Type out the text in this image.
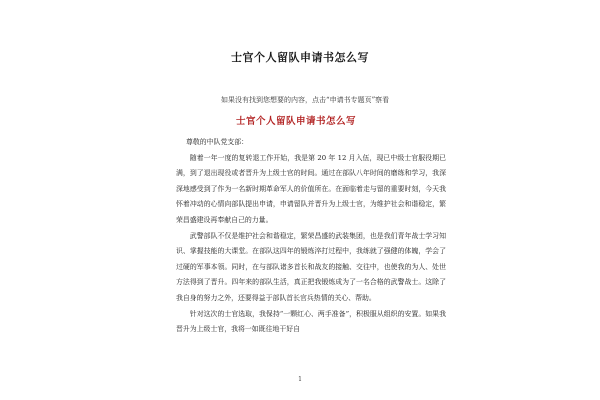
士官个人留队申请书怎么写
如果没有找到您想要的内容，点击“申请书专题页”察看
士官个人留队申请书怎么写

尊敬的中队党支部：

随着一年一度的复转退工作开始，我是第 20 年 12 月入伍，现已中级士官服役期已满，到了退出现役或者晋升为上级士官的时间。通过在部队八年时间的磨练和学习，我深深地感受到了作为一名新时期革命军人的价值所在。在面临着走与留的重要时刻，今天我怀着冲动的心情向部队提出申请，申请留队并晋升为上级士官，为维护社会和谐稳定，繁荣昌盛建设再奉献自己的力量。

武警部队不仅是维护社会和谐稳定，繁荣昌盛的武装集团，也是我们青年战士学习知识、掌握技能的大课堂。在部队这四年的锻炼淬打过程中，我练就了强健的体魄，学会了过硬的军事本领。同时，在与部队诸多首长和战友的接触、交往中，也使我的为人、处世方法得到了晋升。四年来的部队生活，真正把我锻炼成为了一名合格的武警战士。这除了我自身的努力之外，还要得益于部队首长官兵热情的关心、帮助。

针对这次的士官选取，我保持“一颗红心、两手准备”，积极服从组织的安置。如果我晋升为上级士官，我将一如既往地干好自

1
